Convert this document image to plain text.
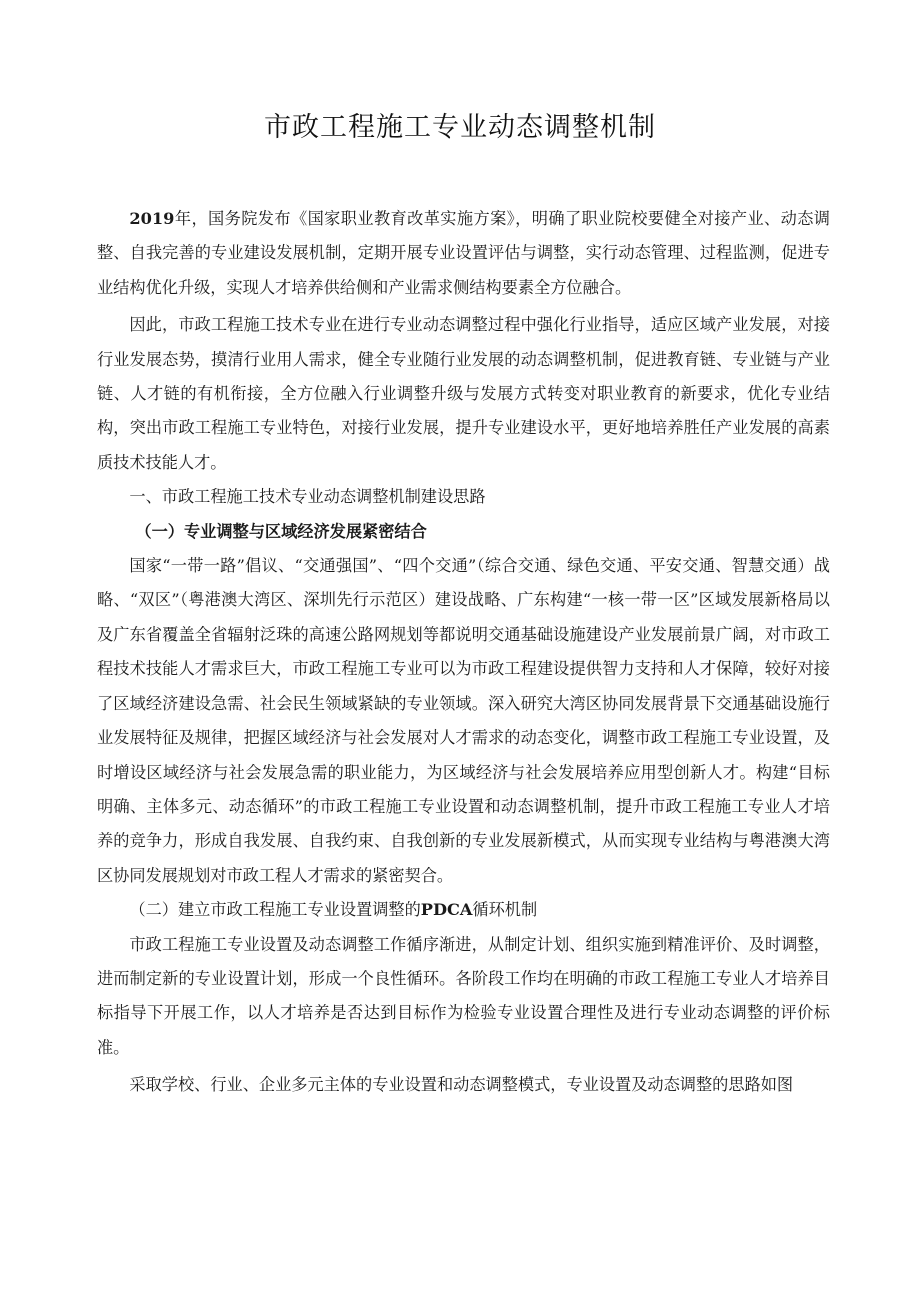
市政工程施工专业动态调整机制

2019年，国务院发布《国家职业教育改革实施方案》，明确了职业院校要健全对接产业、动态调整、自我完善的专业建设发展机制，定期开展专业设置评估与调整，实行动态管理、过程监测，促进专业结构优化升级，实现人才培养供给侧和产业需求侧结构要素全方位融合。

因此，市政工程施工技术专业在进行专业动态调整过程中强化行业指导，适应区域产业发展，对接行业发展态势，摸清行业用人需求，健全专业随行业发展的动态调整机制，促进教育链、专业链与产业链、人才链的有机衔接，全方位融入行业调整升级与发展方式转变对职业教育的新要求，优化专业结构，突出市政工程施工专业特色，对接行业发展，提升专业建设水平，更好地培养胜任产业发展的高素质技术技能人才。

一、市政工程施工技术专业动态调整机制建设思路

（一）专业调整与区域经济发展紧密结合

国家“一带一路”倡议、“交通强国”、“四个交通”（综合交通、绿色交通、平安交通、智慧交通）战略、“双区”（粤港澳大湾区、深圳先行示范区）建设战略、广东构建“一核一带一区”区域发展新格局以及广东省覆盖全省辐射泛珠的高速公路网规划等都说明交通基础设施建设产业发展前景广阔，对市政工程技术技能人才需求巨大，市政工程施工专业可以为市政工程建设提供智力支持和人才保障，较好对接了区域经济建设急需、社会民生领域紧缺的专业领域。深入研究大湾区协同发展背景下交通基础设施行业发展特征及规律，把握区域经济与社会发展对人才需求的动态变化，调整市政工程施工专业设置，及时增设区域经济与社会发展急需的职业能力，为区域经济与社会发展培养应用型创新人才。构建“目标明确、主体多元、动态循环”的市政工程施工专业设置和动态调整机制，提升市政工程施工专业人才培养的竞争力，形成自我发展、自我约束、自我创新的专业发展新模式，从而实现专业结构与粤港澳大湾区协同发展规划对市政工程人才需求的紧密契合。

（二）建立市政工程施工专业设置调整的PDCA循环机制

市政工程施工专业设置及动态调整工作循序渐进，从制定计划、组织实施到精准评价、及时调整，进而制定新的专业设置计划，形成一个良性循环。各阶段工作均在明确的市政工程施工专业人才培养目标指导下开展工作，以人才培养是否达到目标作为检验专业设置合理性及进行专业动态调整的评价标准。

采取学校、行业、企业多元主体的专业设置和动态调整模式，专业设置及动态调整的思路如图
